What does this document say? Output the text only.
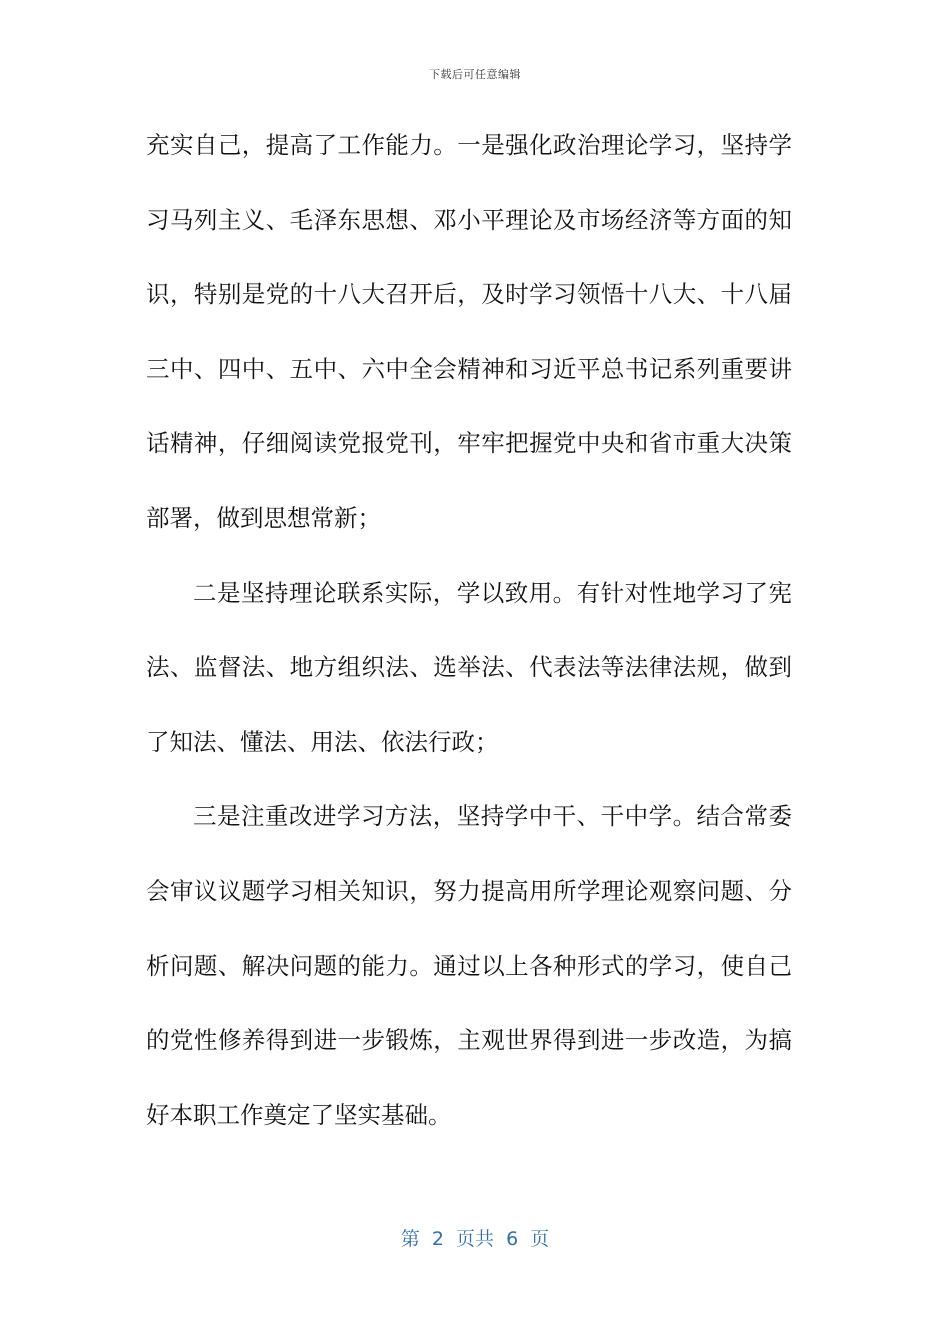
下载后可任意编辑
充实自己，提高了工作能力。一是强化政治理论学习，坚持学
习马列主义、毛泽东思想、邓小平理论及市场经济等方面的知
识，特别是党的十八大召开后，及时学习领悟十八大、十八届
三中、四中、五中、六中全会精神和习近平总书记系列重要讲
话精神，仔细阅读党报党刊，牢牢把握党中央和省市重大决策
部署，做到思想常新；
二是坚持理论联系实际，学以致用。有针对性地学习了宪
法、监督法、地方组织法、选举法、代表法等法律法规，做到
了知法、懂法、用法、依法行政；
三是注重改进学习方法，坚持学中干、干中学。结合常委
会审议议题学习相关知识，努力提高用所学理论观察问题、分
析问题、解决问题的能力。通过以上各种形式的学习，使自己
的党性修养得到进一步锻炼，主观世界得到进一步改造，为搞
好本职工作奠定了坚实基础。
第  2  页共  6  页
